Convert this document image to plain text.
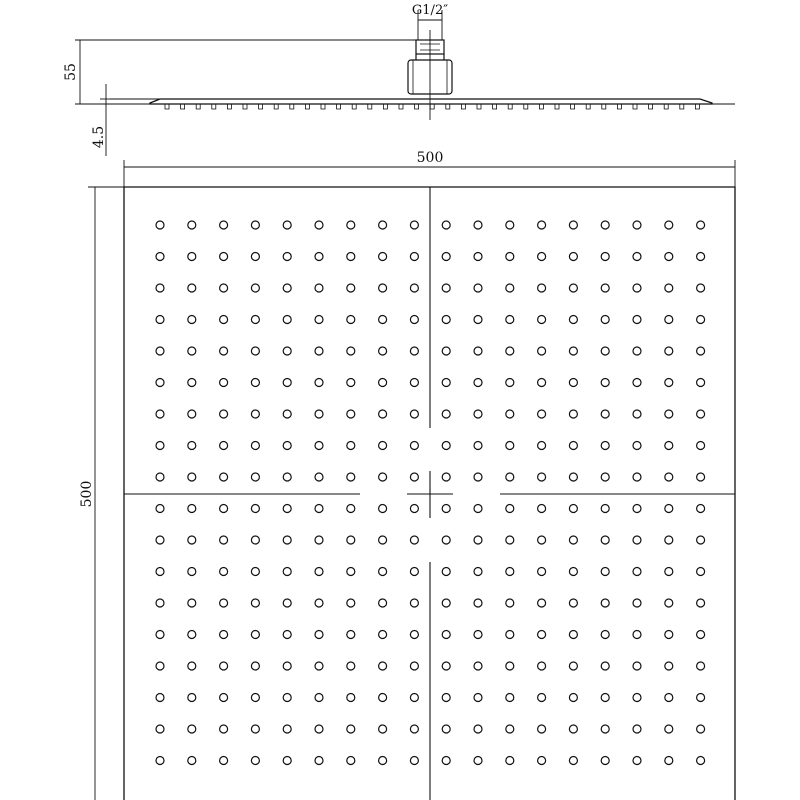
G1/2″
55
4.5
500
500
